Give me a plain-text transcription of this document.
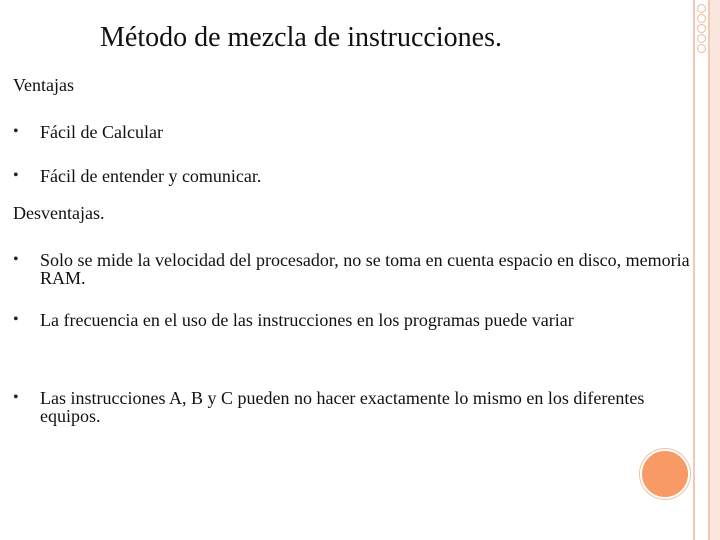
Método de mezcla de instrucciones.

Ventajas

•	Fácil de Calcular
•	Fácil de entender y comunicar.

Desventajas.

•	Solo se mide la velocidad del procesador, no se toma en cuenta espacio en disco, memoria RAM.
•	La frecuencia en el uso de las instrucciones en los programas puede variar
•	Las instrucciones A, B y C pueden no hacer exactamente lo mismo en los diferentes equipos.
